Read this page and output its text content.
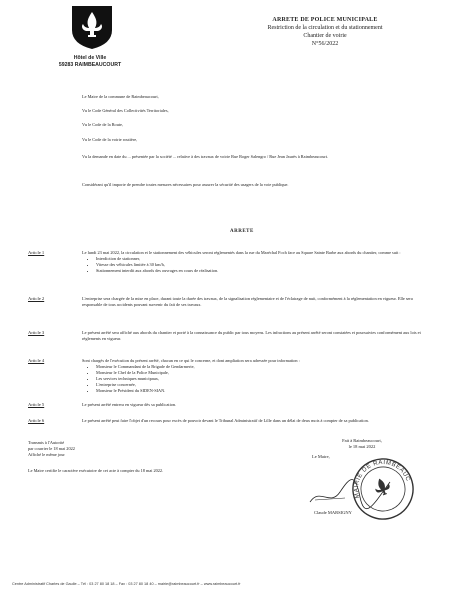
Hôtel de Ville
59283 RAIMBEAUCOURT
ARRETE DE POLICE MUNICIPALE
Restriction de la circulation et du stationnement
Chantier de voirie
N°56/2022
Le Maire de la commune de Raimbeaucourt,
Vu le Code Général des Collectivités Territoriales,
Vu le Code de la Route,
Vu le Code de la voirie routière,
Vu la demande en date du ... présentée par la société ... relative à des travaux de voirie Rue Roger Salengro / Rue Jean Jaurès à Raimbeaucourt.
Considérant qu'il importe de prendre toutes mesures nécessaires pour assurer la sécurité des usagers de la voie publique.
ARRETE
Article 1	Le lundi 23 mai 2022, la circulation et le stationnement des véhicules seront réglementés dans la rue du Maréchal Foch face au Square Sainte Barbe aux abords du chantier, comme suit :
• Interdiction de stationner,
• Vitesse des véhicules limitée à 30 km/h,
• Stationnement interdit aux abords des ouvrages en cours de réalisation.
Article 2	L'entreprise sera chargée de la mise en place, durant toute la durée des travaux, de la signalisation réglementaire et de l'éclairage de nuit, conformément à la réglementation en vigueur. Elle sera responsable de tous accidents pouvant survenir du fait de ses travaux.
Article 3	Le présent arrêté sera affiché aux abords du chantier et porté à la connaissance du public par tous moyens. Les infractions au présent arrêté seront constatées et poursuivies conformément aux lois et règlements en vigueur.
Article 4	Sont chargés de l'exécution du présent arrêté, chacun en ce qui le concerne, et dont ampliation sera adressée pour information :
• Monsieur le Commandant de la Brigade de Gendarmerie,
• Monsieur le Chef de la Police Municipale,
• Les services techniques municipaux,
• L'entreprise concernée,
• Monsieur le Président du SIDEN-SIAN.
Article 5	Le présent arrêté entrera en vigueur dès sa publication.
Article 6	Le présent arrêté peut faire l'objet d'un recours pour excès de pouvoir devant le Tribunal Administratif de Lille dans un délai de deux mois à compter de sa publication.
Transmis à l'Autorité
par courrier le 18 mai 2022
Affiché le même jour
Le Maire certifie le caractère exécutoire de cet acte à compter du 18 mai 2022.
Fait à Raimbeaucourt,
le 18 mai 2022
Le Maire,
MAIRIE DE RAIMBEAUCOURT
Claude MARSIGNY
Centre Administratif Charles de Gaulle – Tél : 03 27 80 18 18 – Fax : 03 27 80 18 40 – mairie@raimbeaucourt.fr – www.raimbeaucourt.fr
